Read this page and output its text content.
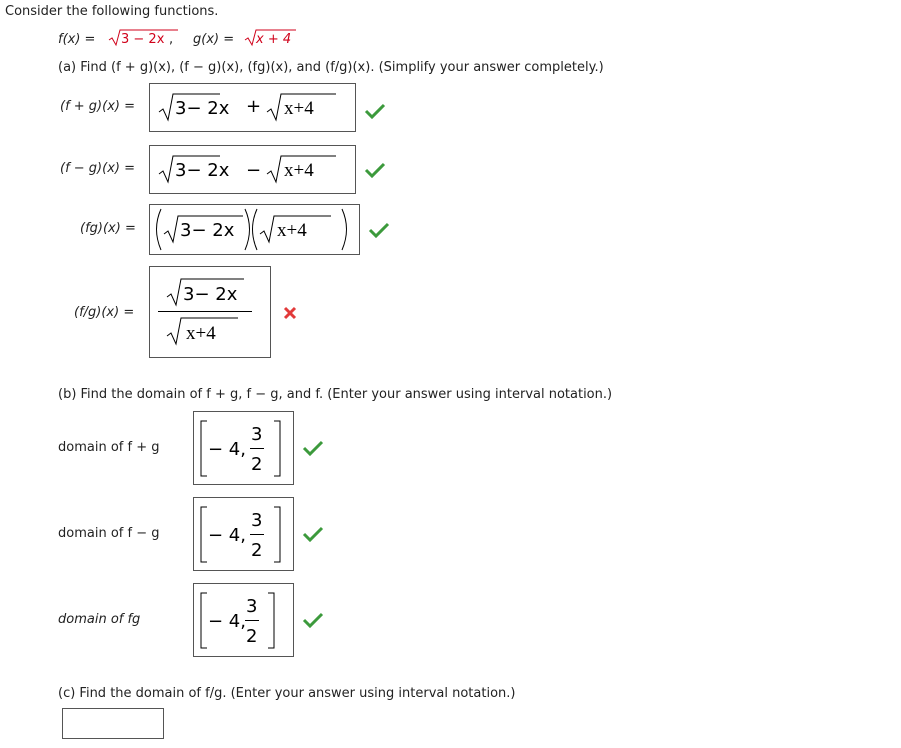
Consider the following functions.
f(x) = 3 − 2x , g(x) = x + 4
(a) Find (f + g)(x), (f − g)(x), (fg)(x), and (f/g)(x). (Simplify your answer completely.)
(f + g)(x) = 3− 2x + x+4
(f − g)(x) = 3− 2x − x+4
(fg)(x) = 3− 2x x+4
(f/g)(x) =
3− 2x
x+4
(b) Find the domain of f + g, f − g, and f. (Enter your answer using interval notation.)
domain of f + g	− 4,
3
2
domain of f − g	− 4,
3
2
domain of fg	− 4,
3
2
(c) Find the domain of f/g. (Enter your answer using interval notation.)
